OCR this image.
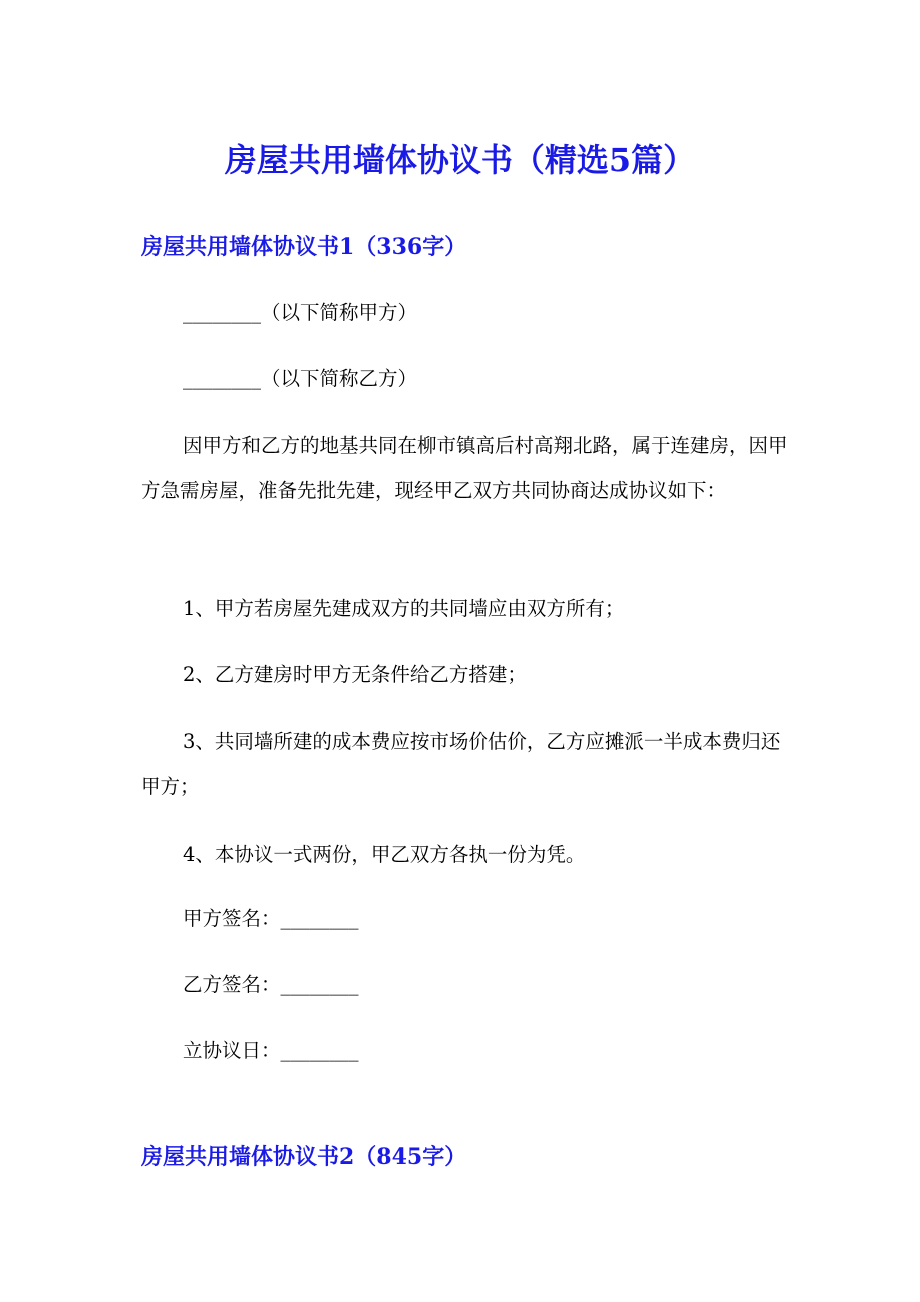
房屋共用墙体协议书（精选5篇）
房屋共用墙体协议书1（336字）

________（以下简称甲方）

________（以下简称乙方）

因甲方和乙方的地基共同在柳市镇高后村高翔北路，属于连建房，因甲方急需房屋，准备先批先建，现经甲乙双方共同协商达成协议如下：

1、甲方若房屋先建成双方的共同墙应由双方所有；

2、乙方建房时甲方无条件给乙方搭建；

3、共同墙所建的成本费应按市场价估价，乙方应摊派一半成本费归还甲方；

4、本协议一式两份，甲乙双方各执一份为凭。

甲方签名：________

乙方签名：________

立协议日：________

房屋共用墙体协议书2（845字）
